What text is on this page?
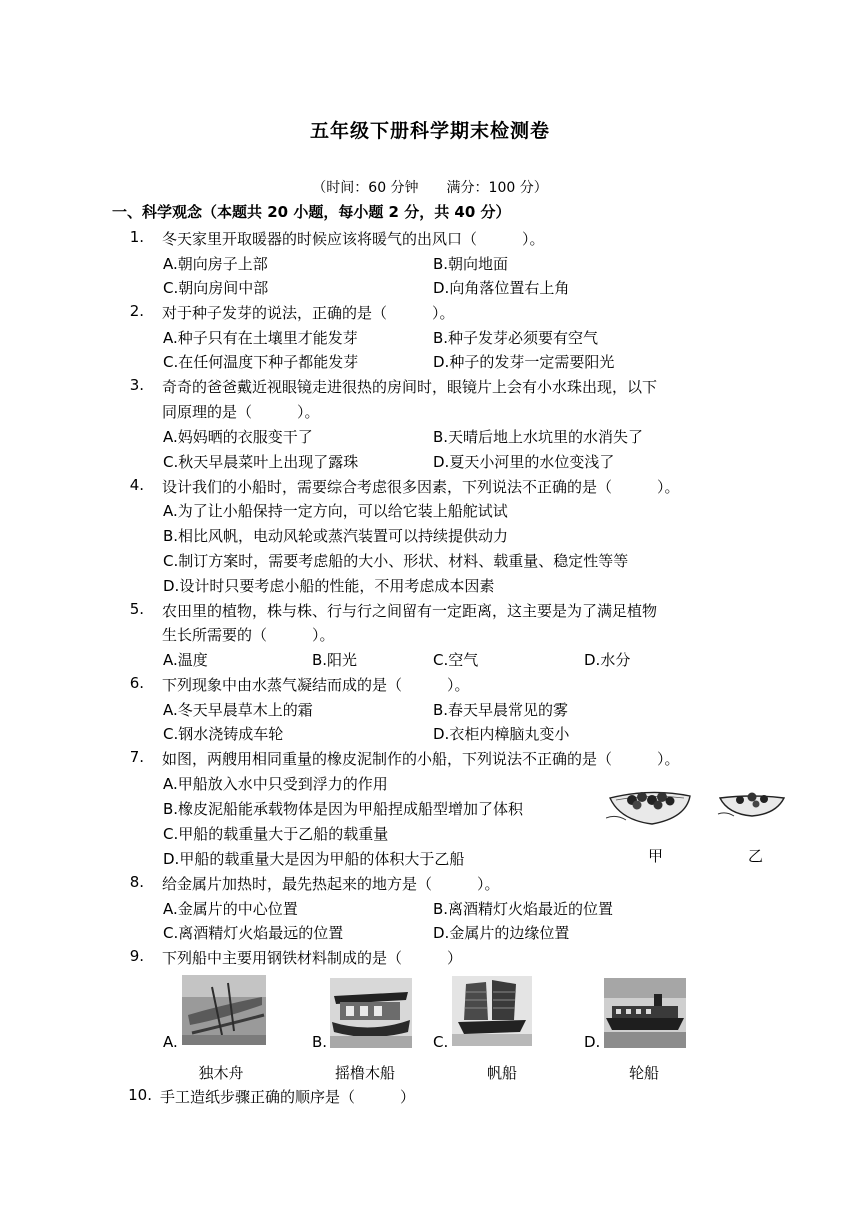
五年级下册科学期末检测卷
（时间：60 分钟　　满分：100 分）
一、科学观念（本题共 20 小题，每小题 2 分，共 40 分）
1. 冬天家里开取暖器的时候应该将暖气的出风口（　　　）。
A.朝向房子上部	B.朝向地面
C.朝向房间中部	D.向角落位置右上角
2. 对于种子发芽的说法，正确的是（　　　）。
A.种子只有在土壤里才能发芽	B.种子发芽必须要有空气
C.在任何温度下种子都能发芽	D.种子的发芽一定需要阳光
3. 奇奇的爸爸戴近视眼镜走进很热的房间时，眼镜片上会有小水珠出现，以下
同原理的是（　　　）。
A.妈妈晒的衣服变干了	B.天晴后地上水坑里的水消失了
C.秋天早晨菜叶上出现了露珠	D.夏天小河里的水位变浅了
4. 设计我们的小船时，需要综合考虑很多因素，下列说法不正确的是（　　　）。
A.为了让小船保持一定方向，可以给它装上船舵试试
B.相比风帆，电动风轮或蒸汽装置可以持续提供动力
C.制订方案时，需要考虑船的大小、形状、材料、载重量、稳定性等等
D.设计时只要考虑小船的性能，不用考虑成本因素
5. 农田里的植物，株与株、行与行之间留有一定距离，这主要是为了满足植物
生长所需要的（　　　）。
A.温度	B.阳光	C.空气	D.水分
6. 下列现象中由水蒸气凝结而成的是（　　　）。
A.冬天早晨草木上的霜	B.春天早晨常见的雾
C.钢水浇铸成车轮	D.衣柜内樟脑丸变小
7. 如图，两艘用相同重量的橡皮泥制作的小船，下列说法不正确的是（　　　）。
A.甲船放入水中只受到浮力的作用
B.橡皮泥船能承载物体是因为甲船捏成船型增加了体积
C.甲船的载重量大于乙船的载重量
D.甲船的载重量大是因为甲船的体积大于乙船	甲	乙
8. 给金属片加热时，最先热起来的地方是（　　　）。
A.金属片的中心位置	B.离酒精灯火焰最近的位置
C.离酒精灯火焰最远的位置	D.金属片的边缘位置
9. 下列船中主要用钢铁材料制成的是（　　　）
A.	B.	C.	D.
独木舟	摇橹木船	帆船	轮船
10. 手工造纸步骤正确的顺序是（　　　）
